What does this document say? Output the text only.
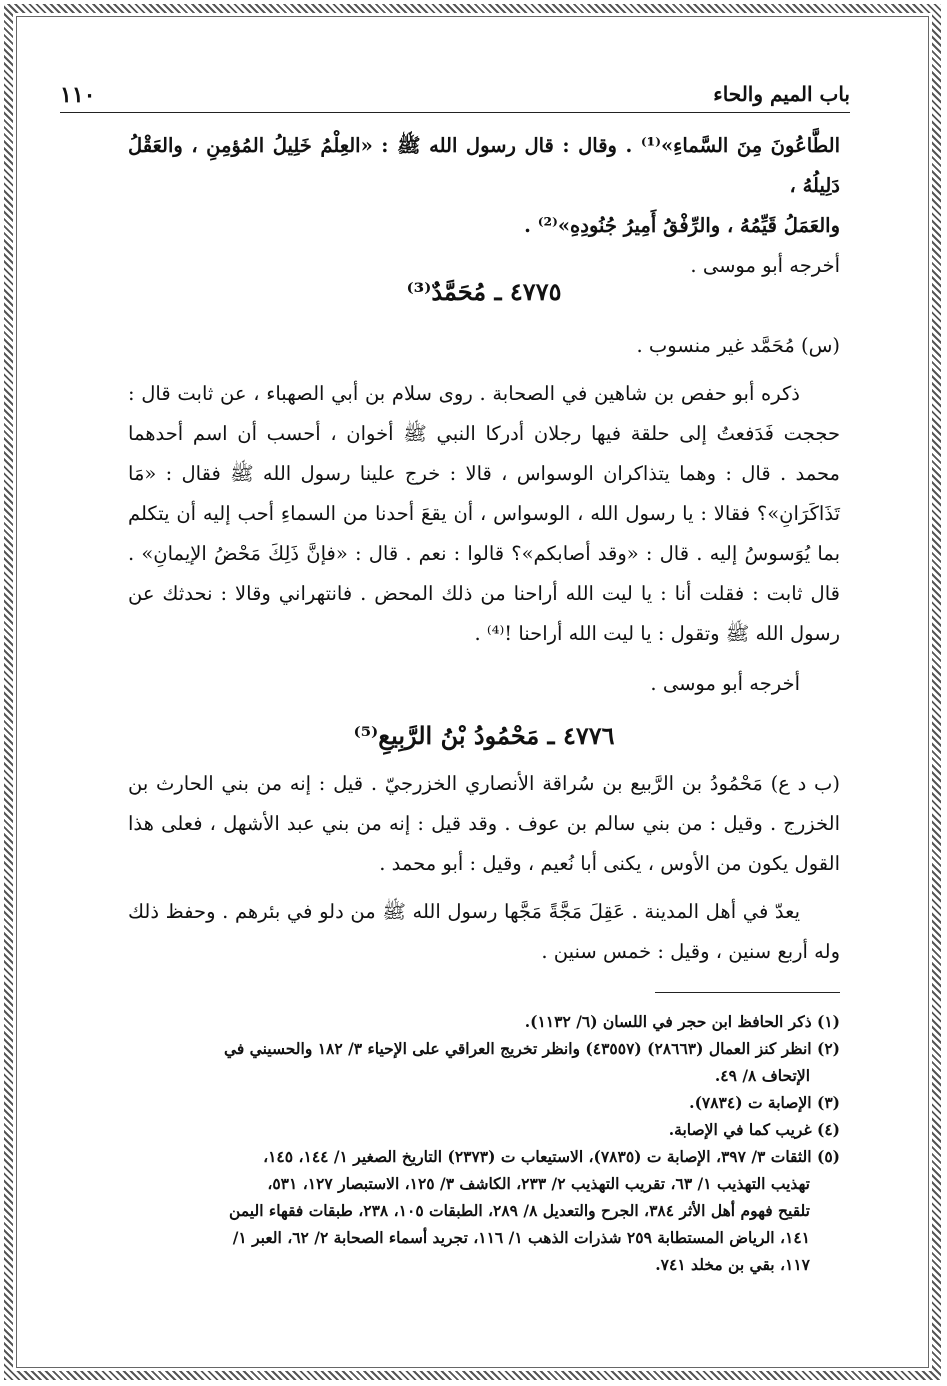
باب الميم والحاء
١١٠

الطَّاعُونَ مِنَ السَّماءِ»⁽¹⁾ . وقال : قال رسول الله ﷺ : «العِلْمُ خَلِيلُ المُؤمِنِ ، والعَقْلُ دَلِيلُهُ ،

والعَمَلُ قَيِّمُهُ ، والرِّفْقُ أَمِيرُ جُنُودِهِ»⁽²⁾ .

أخرجه أبو موسى .

٤٧٧٥ ـ مُحَمَّدٌ⁽³⁾

(س) مُحَمَّد غير منسوب .

ذكره أبو حفص بن شاهين في الصحابة . روى سلام بن أبي الصهباء ، عن ثابت قال : حججت فَدَفعتُ إلى حلقة فيها رجلان أدركا النبي ﷺ أخوان ، أحسب أن اسم أحدهما محمد . قال : وهما يتذاكران الوسواس ، قالا : خرج علينا رسول الله ﷺ فقال : «مَا تَذَاكَرَانِ»؟ فقالا : يا رسول الله ، الوسواس ، أن يقعَ أحدنا من السماءِ أحب إليه أن يتكلم بما يُوَسوسُ إليه . قال : «وقد أصابكم»؟ قالوا : نعم . قال : «فإنَّ ذَلِكَ مَحْضُ الإيمانِ» . قال ثابت : فقلت أنا : يا ليت الله أراحنا من ذلك المحض . فانتهراني وقالا : نحدثك عن رسول الله ﷺ وتقول : يا ليت الله أراحنا !⁽⁴⁾ .

أخرجه أبو موسى .

٤٧٧٦ ـ مَحْمُودُ بْنُ الرَّبِيعِ⁽⁵⁾

(ب د ع) مَحْمُودُ بن الرَّبيع بن سُراقة الأنصاري الخزرجيّ . قيل : إنه من بني الحارث بن الخزرج . وقيل : من بني سالم بن عوف . وقد قيل : إنه من بني عبد الأشهل ، فعلى هذا القول يكون من الأوس ، يكنى أبا نُعيم ، وقيل : أبو محمد .

يعدّ في أهل المدينة . عَقِلَ مَجَّةً مَجَّها رسول الله ﷺ من دلو في بئرهم . وحفظ ذلك وله أربع سنين ، وقيل : خمس سنين .

(١) ذكر الحافظ ابن حجر في اللسان (٦/ ١١٣٢).

(٢) انظر كنز العمال (٢٨٦٦٣) (٤٣٥٥٧) وانظر تخريج العراقي على الإحياء ٣/ ١٨٢ والحسيني في

الإتحاف ٨/ ٤٩.

(٣) الإصابة ت (٧٨٣٤).

(٤) غريب كما في الإصابة.

(٥) الثقات ٣/ ٣٩٧، الإصابة ت (٧٨٣٥)، الاستيعاب ت (٢٣٧٣) التاريخ الصغير ١/ ١٤٤، ١٤٥،

تهذيب التهذيب ١/ ٦٣، تقريب التهذيب ٢/ ٢٣٣، الكاشف ٣/ ١٢٥، الاستبصار ١٢٧، ٥٣١،

تلقيح فهوم أهل الأثر ٣٨٤، الجرح والتعديل ٨/ ٢٨٩، الطبقات ١٠٥، ٢٣٨، طبقات فقهاء اليمن

١٤١، الرياض المستطابة ٢٥٩ شذرات الذهب ١/ ١١٦، تجريد أسماء الصحابة ٢/ ٦٢، العبر ١/

١١٧، بقي بن مخلد ٧٤١.
